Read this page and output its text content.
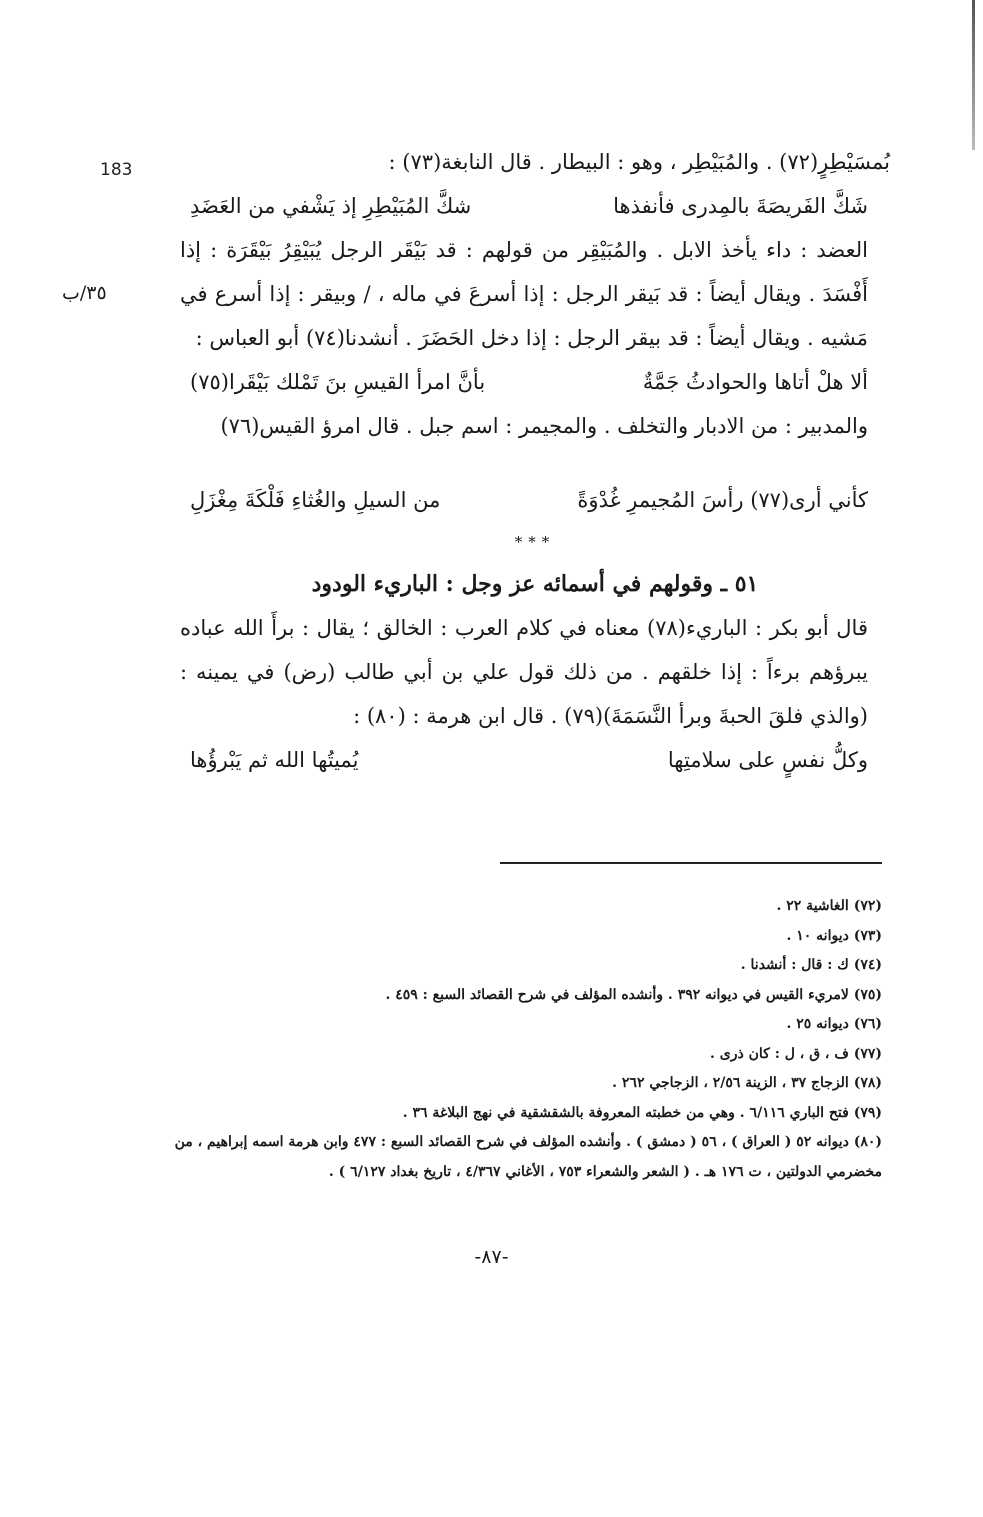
183
٣٥/ب

بُمسَيْطِرٍ(٧٢) . والمُبَيْطِر ، وهو : البيطار . قال النابغة(٧٣) :

شَكَّ الفَريصَةَ بالمِدرى فأنفذها
شكَّ المُبَيْطِرِ إذ يَشْفي من العَضَدِ

العضد : داء يأخذ الابل . والمُبَيْقِر من قولهم : قد بَيْقَر الرجل يُبَيْقِرُ بَيْقَرَة : إذا أَفْسَدَ . ويقال أيضاً : قد بَيقر الرجل : إذا أسرعَ في ماله ، / وبيقر : إذا أسرع في مَشيه . ويقال أيضاً : قد بيقر الرجل : إذا دخل الحَضَرَ . أنشدنا(٧٤) أبو العباس :

ألا هلْ أتاها والحوادثُ جَمَّةٌ
بأنَّ امرأ القيسِ بنَ تَمْلك بَيْقَرا(٧٥)

والمدبير : من الادبار والتخلف . والمجيمر : اسم جبل . قال امرؤ القيس(٧٦)

كأني أرى(٧٧) رأسَ المُجيمرِ غُدْوَةً
من السيلِ والغُثاءِ فَلْكَةَ مِغْزَلِ
***
٥١ ـ وقولهم في أسمائه عز وجل : الباريء الودود

قال أبو بكر : الباريء(٧٨) معناه في كلام العرب : الخالق ؛ يقال : برأَ الله عباده يبرؤهم برءاً : إذا خلقهم . من ذلك قول علي بن أبي طالب (رض) في يمينه : (والذي فلقَ الحبةَ وبرأ النَّسَمَةَ)(٧٩) . قال ابن هرمة : (٨٠) :

وكلُّ نفسٍ على سلامتِها
يُميتُها الله ثم يَبْرؤُها

(٧٢) الغاشية ٢٢ .

(٧٣) ديوانه ١٠ .

(٧٤) ك : قال : أنشدنا .

(٧٥) لامريء القيس في ديوانه ٣٩٢ . وأنشده المؤلف في شرح القصائد السبع : ٤٥٩ .

(٧٦) ديوانه ٢٥ .

(٧٧) ف ، ق ، ل : كان ذرى .

(٧٨) الزجاج ٣٧ ، الزينة ٢/٥٦ ، الزجاجي ٢٦٢ .

(٧٩) فتح الباري ٦/١١٦ . وهي من خطبته المعروفة بالشقشقية في نهج البلاغة ٣٦ .

(٨٠) ديوانه ٥٢ ( العراق ) ، ٥٦ ( دمشق ) . وأنشده المؤلف في شرح القصائد السبع : ٤٧٧ وابن هرمة اسمه إبراهيم ، من مخضرمي الدولتين ، ت ١٧٦ هـ . ( الشعر والشعراء ٧٥٣ ، الأغاني ٤/٣٦٧ ، تاريخ بغداد ٦/١٢٧ ) .

-٨٧-
